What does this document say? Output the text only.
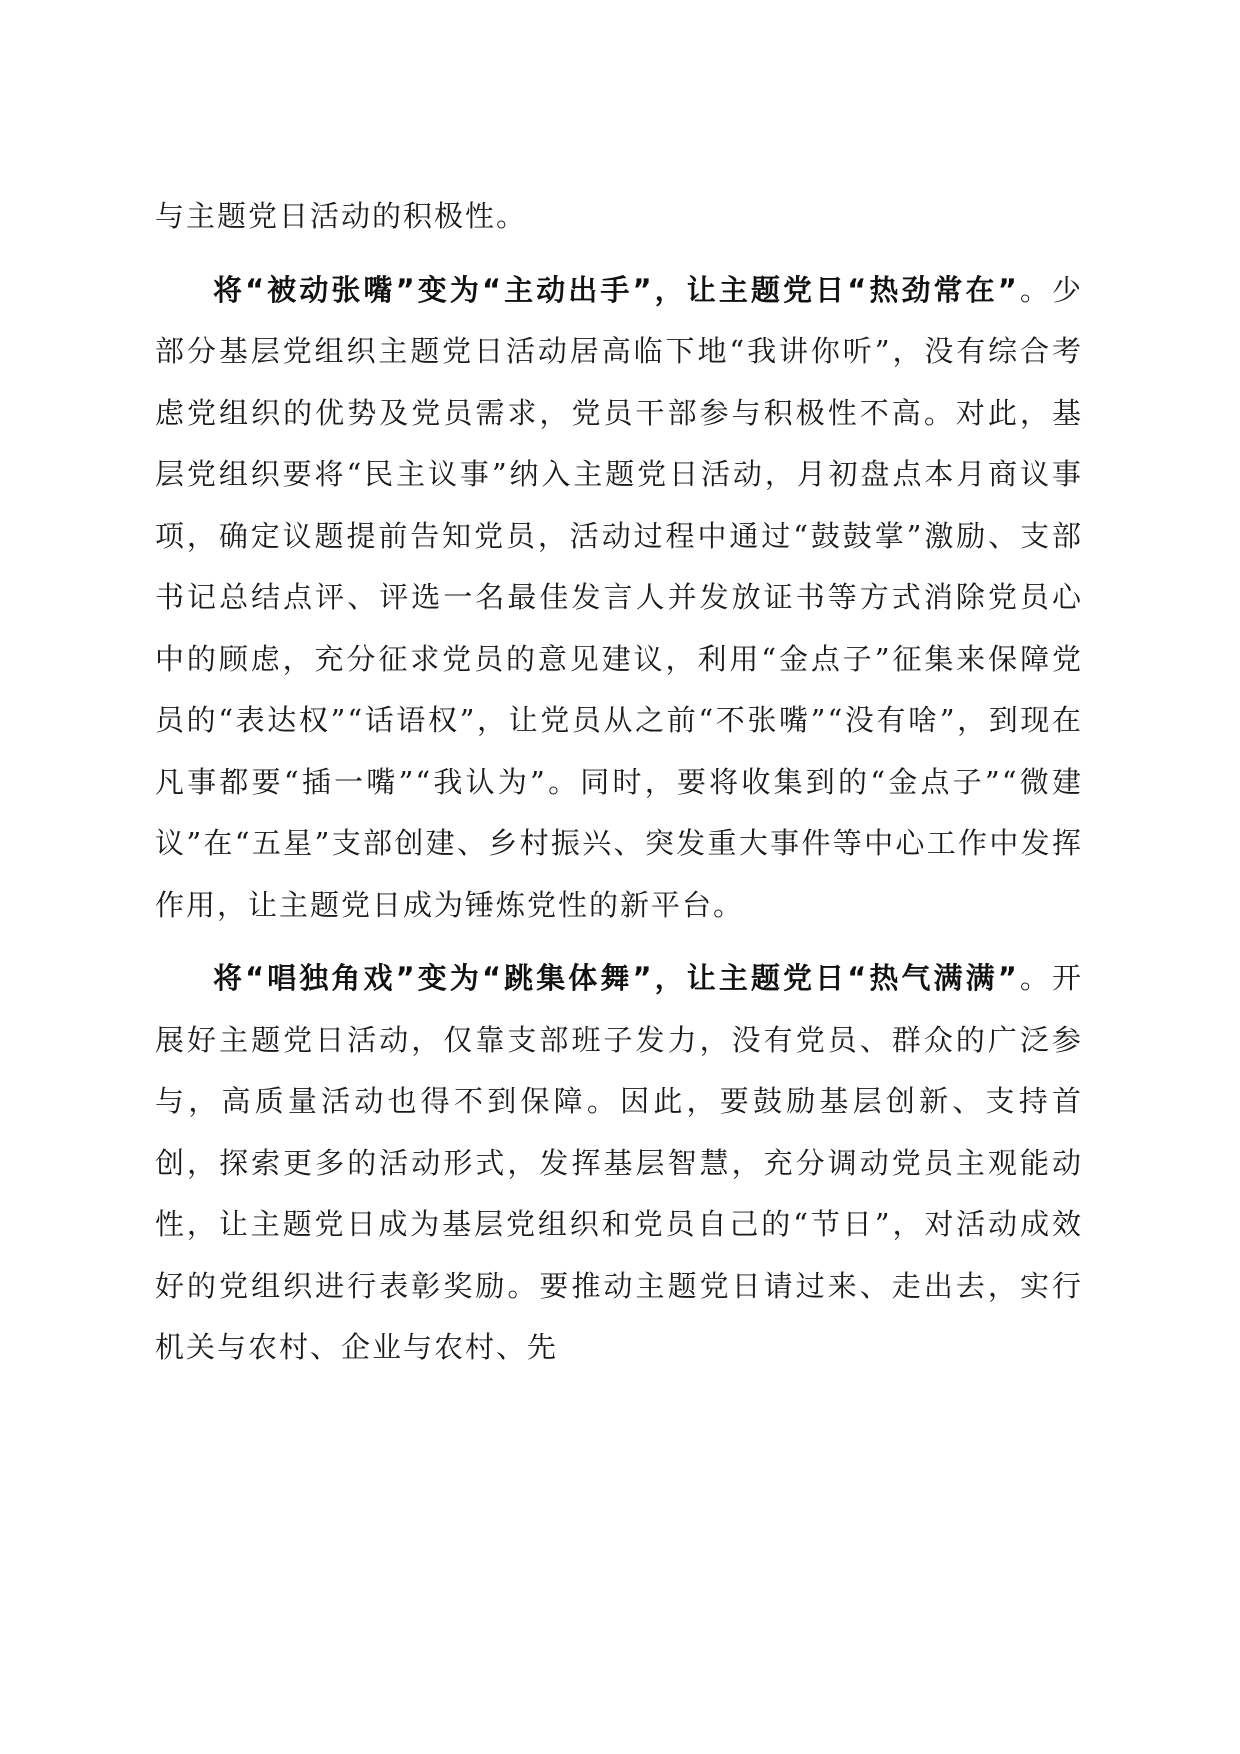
与主题党日活动的积极性。

将“被动张嘴”变为“主动出手”，让主题党日“热劲常在”。少部分基层党组织主题党日活动居高临下地“我讲你听”，没有综合考虑党组织的优势及党员需求，党员干部参与积极性不高。对此，基层党组织要将“民主议事”纳入主题党日活动，月初盘点本月商议事项，确定议题提前告知党员，活动过程中通过“鼓鼓掌”激励、支部书记总结点评、评选一名最佳发言人并发放证书等方式消除党员心中的顾虑，充分征求党员的意见建议，利用“金点子”征集来保障党员的“表达权”“话语权”，让党员从之前“不张嘴”“没有啥”，到现在凡事都要“插一嘴”“我认为”。同时，要将收集到的“金点子”“微建议”在“五星”支部创建、乡村振兴、突发重大事件等中心工作中发挥作用，让主题党日成为锤炼党性的新平台。

将“唱独角戏”变为“跳集体舞”，让主题党日“热气满满”。开展好主题党日活动，仅靠支部班子发力，没有党员、群众的广泛参与，高质量活动也得不到保障。因此，要鼓励基层创新、支持首创，探索更多的活动形式，发挥基层智慧，充分调动党员主观能动性，让主题党日成为基层党组织和党员自己的“节日”，对活动成效好的党组织进行表彰奖励。要推动主题党日请过来、走出去，实行机关与农村、企业与农村、先
